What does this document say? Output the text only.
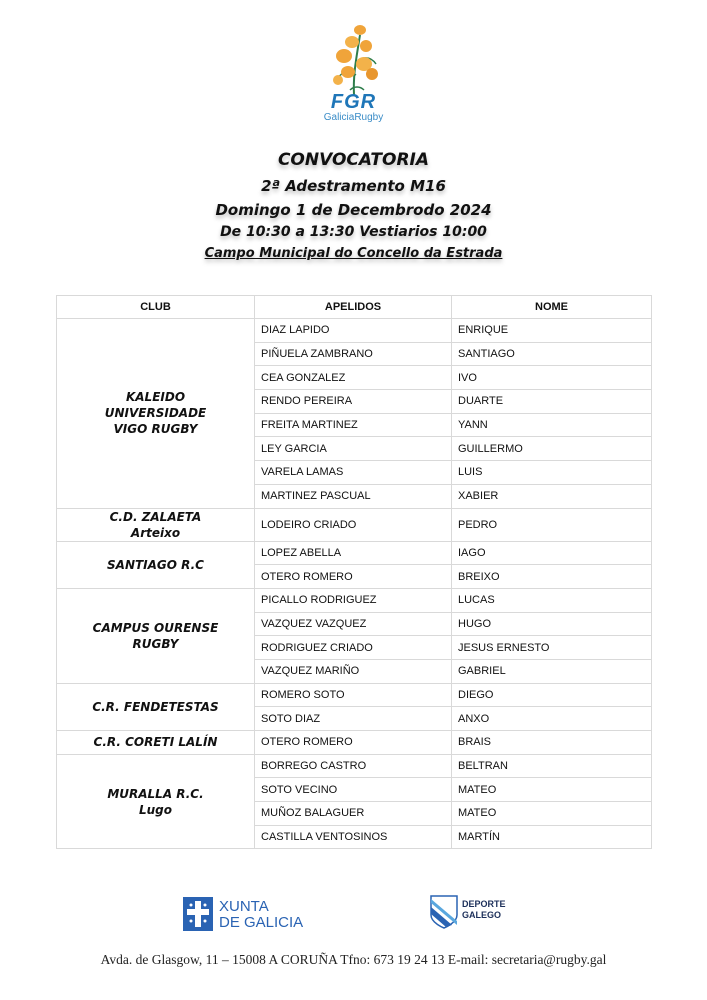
FGR
GaliciaRugby
CONVOCATORIA
2ª Adestramento M16
Domingo 1 de Decembrodo 2024
De 10:30 a 13:30 Vestiarios 10:00
Campo Municipal do Concello da Estrada
CLUB	APELIDOS	NOME

KALEIDO
UNIVERSIDADE
VIGO RUGBY	DIAZ LAPIDO	ENRIQUE
	PIÑUELA ZAMBRANO	SANTIAGO
	CEA GONZALEZ	IVO
	RENDO PEREIRA	DUARTE
	FREITA MARTINEZ	YANN
	LEY GARCIA	GUILLERMO
	VARELA LAMAS	LUIS
	MARTINEZ PASCUAL	XABIER

C.D. ZALAETA
Arteixo	LODEIRO CRIADO	PEDRO

SANTIAGO R.C	LOPEZ ABELLA	IAGO
	OTERO ROMERO	BREIXO

CAMPUS OURENSE
RUGBY	PICALLO RODRIGUEZ	LUCAS
	VAZQUEZ VAZQUEZ	HUGO
	RODRIGUEZ CRIADO	JESUS ERNESTO
	VAZQUEZ MARIÑO	GABRIEL

C.R. FENDETESTAS	ROMERO SOTO	DIEGO
	SOTO DIAZ	ANXO

C.R. CORETI LALÍN	OTERO ROMERO	BRAIS

MURALLA R.C.
Lugo	BORREGO CASTRO	BELTRAN
	SOTO VECINO	MATEO
	MUÑOZ BALAGUER	MATEO
	CASTILLA VENTOSINOS	MARTÍN
XUNTA
DE GALICIA
DEPORTE
GALEGO
Avda. de Glasgow, 11 – 15008 A CORUÑA Tfno: 673 19 24 13 E-mail: secretaria@rugby.gal
